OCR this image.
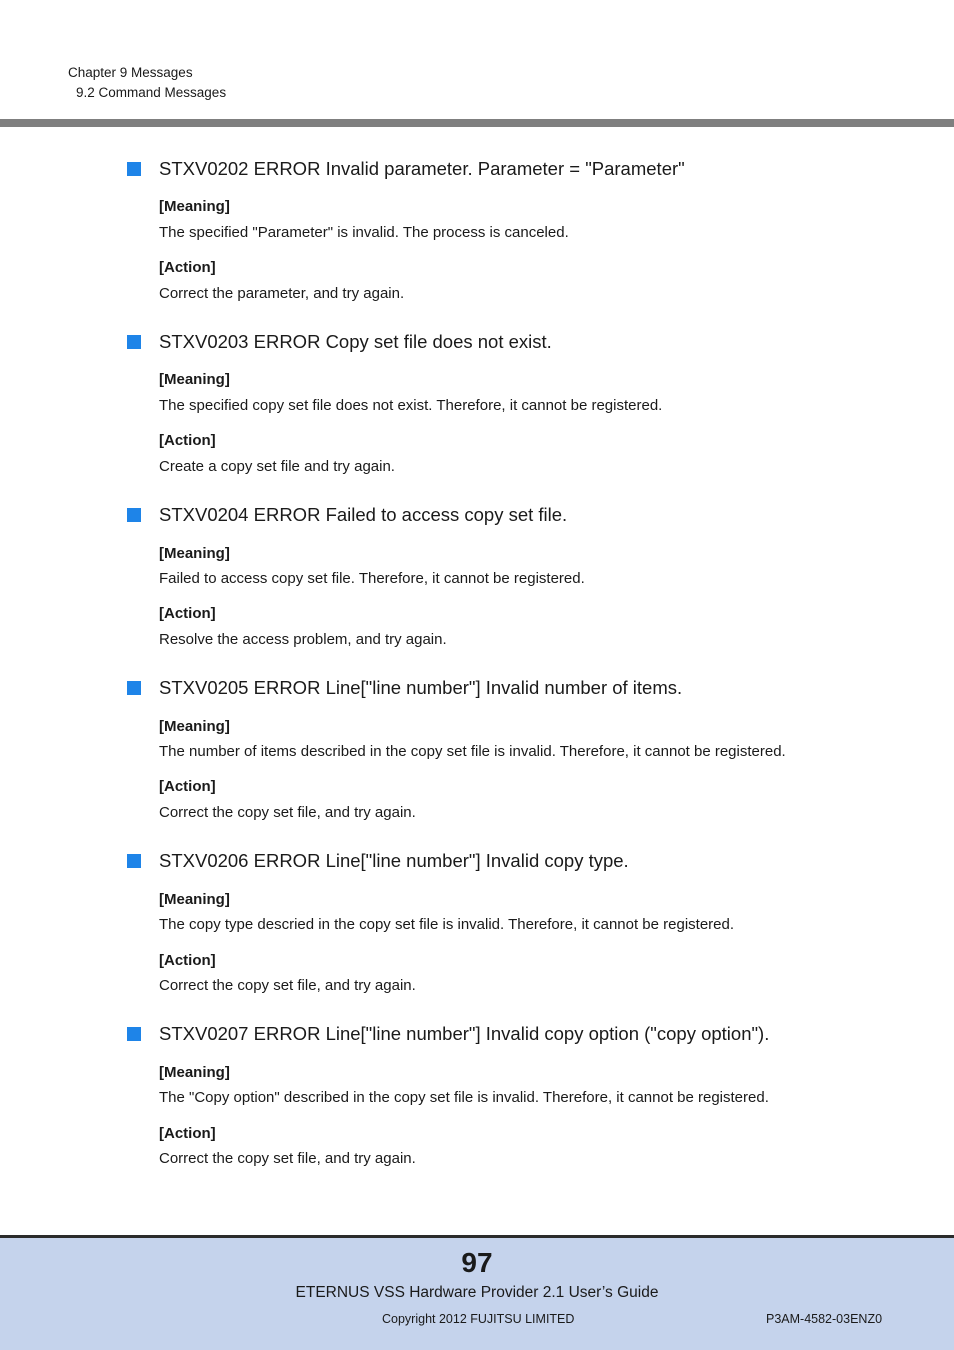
Chapter 9 Messages
9.2 Command Messages
STXV0202 ERROR Invalid parameter. Parameter = "Parameter"
[Meaning]
The specified "Parameter" is invalid. The process is canceled.
[Action]
Correct the parameter, and try again.
STXV0203 ERROR Copy set file does not exist.
[Meaning]
The specified copy set file does not exist. Therefore, it cannot be registered.
[Action]
Create a copy set file and try again.
STXV0204 ERROR Failed to access copy set file.
[Meaning]
Failed to access copy set file. Therefore, it cannot be registered.
[Action]
Resolve the access problem, and try again.
STXV0205 ERROR Line["line number"] Invalid number of items.
[Meaning]
The number of items described in the copy set file is invalid. Therefore, it cannot be registered.
[Action]
Correct the copy set file, and try again.
STXV0206 ERROR Line["line number"] Invalid copy type.
[Meaning]
The copy type descried in the copy set file is invalid. Therefore, it cannot be registered.
[Action]
Correct the copy set file, and try again.
STXV0207 ERROR Line["line number"] Invalid copy option ("copy option").
[Meaning]
The "Copy option" described in the copy set file is invalid. Therefore, it cannot be registered.
[Action]
Correct the copy set file, and try again.
97
ETERNUS VSS Hardware Provider 2.1 User’s Guide
Copyright 2012 FUJITSU LIMITED	P3AM-4582-03ENZ0
